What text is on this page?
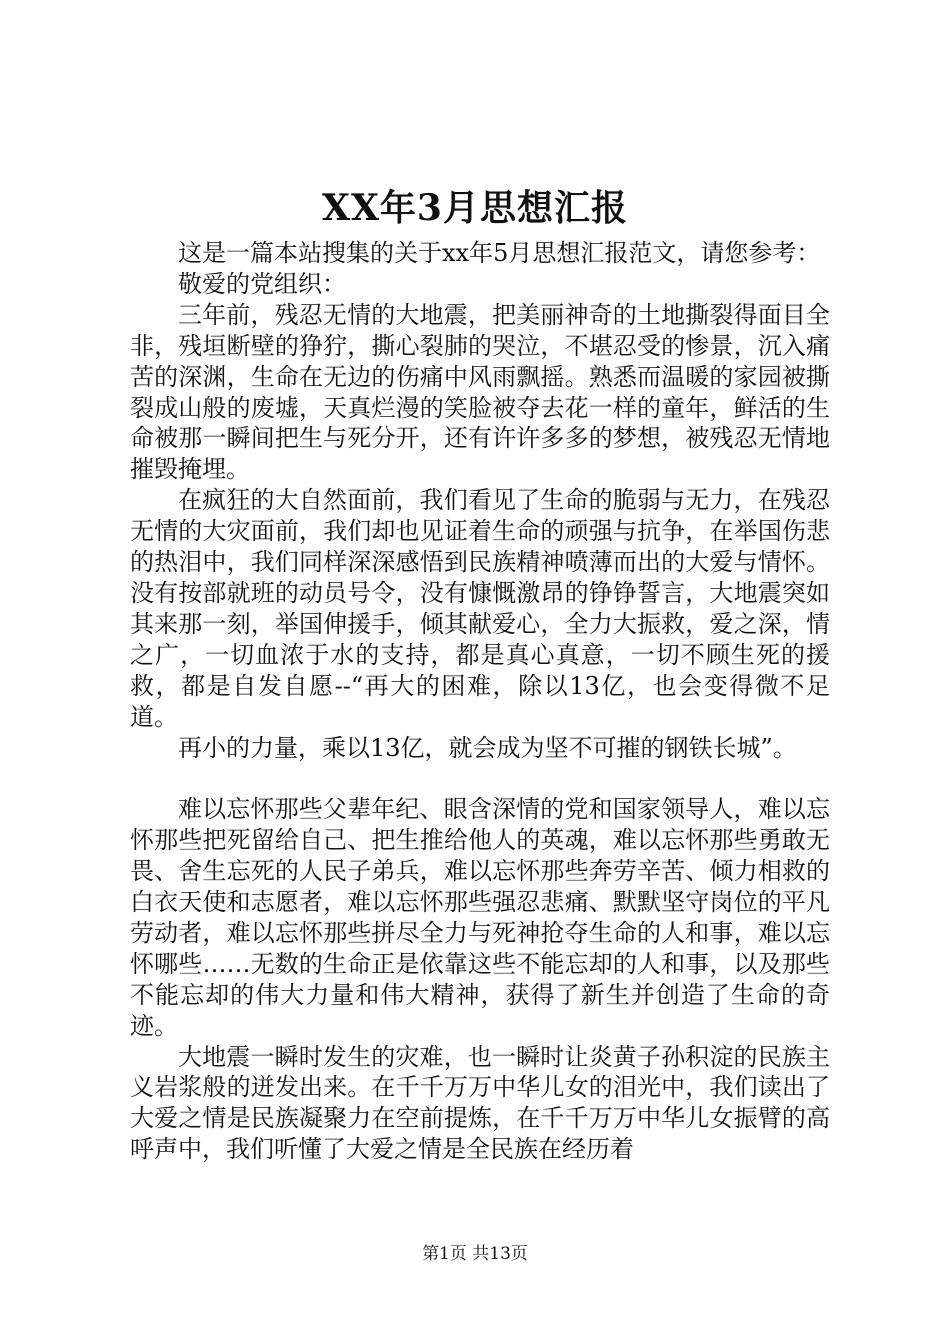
XX年3月思想汇报

这是一篇本站搜集的关于xx年5月思想汇报范文，请您参考：

敬爱的党组织：

三年前，残忍无情的大地震，把美丽神奇的土地撕裂得面目全非，残垣断壁的狰狞，撕心裂肺的哭泣，不堪忍受的惨景，沉入痛苦的深渊，生命在无边的伤痛中风雨飘摇。熟悉而温暖的家园被撕裂成山般的废墟，天真烂漫的笑脸被夺去花一样的童年，鲜活的生命被那一瞬间把生与死分开，还有许许多多的梦想，被残忍无情地摧毁掩埋。

在疯狂的大自然面前，我们看见了生命的脆弱与无力，在残忍无情的大灾面前，我们却也见证着生命的顽强与抗争，在举国伤悲的热泪中，我们同样深深感悟到民族精神喷薄而出的大爱与情怀。没有按部就班的动员号令，没有慷慨激昂的铮铮誓言，大地震突如其来那一刻，举国伸援手，倾其献爱心，全力大振救，爱之深，情之广，一切血浓于水的支持，都是真心真意，一切不顾生死的援救，都是自发自愿--“再大的困难，除以13亿，也会变得微不足道。

再小的力量，乘以13亿，就会成为坚不可摧的钢铁长城”。

难以忘怀那些父辈年纪、眼含深情的党和国家领导人，难以忘怀那些把死留给自己、把生推给他人的英魂，难以忘怀那些勇敢无畏、舍生忘死的人民子弟兵，难以忘怀那些奔劳辛苦、倾力相救的白衣天使和志愿者，难以忘怀那些强忍悲痛、默默坚守岗位的平凡劳动者，难以忘怀那些拼尽全力与死神抢夺生命的人和事，难以忘怀哪些……无数的生命正是依靠这些不能忘却的人和事，以及那些不能忘却的伟大力量和伟大精神，获得了新生并创造了生命的奇迹。

大地震一瞬时发生的灾难，也一瞬时让炎黄子孙积淀的民族主义岩浆般的迸发出来。在千千万万中华儿女的泪光中，我们读出了大爱之情是民族凝聚力在空前提炼，在千千万万中华儿女振臂的高呼声中，我们听懂了大爱之情是全民族在经历着

第1页 共13页
